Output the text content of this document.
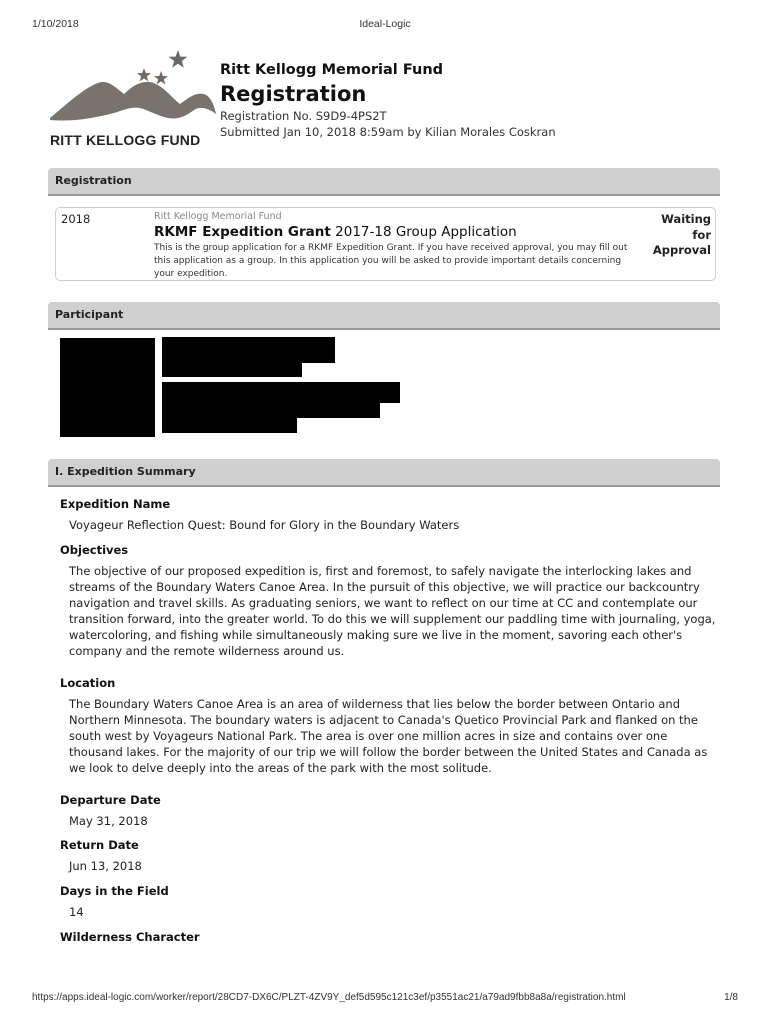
1/10/2018	Ideal-Logic
RITT KELLOGG FUND
Ritt Kellogg Memorial Fund
Registration
Registration No. S9D9-4PS2T
Submitted Jan 10, 2018 8:59am by Kilian Morales Coskran
Registration
2018	Ritt Kellogg Memorial Fund
RKMF Expedition Grant 2017-18 Group Application
This is the group application for a RKMF Expedition Grant. If you have received approval, you may fill out this application as a group. In this application you will be asked to provide important details concerning your expedition.
Waiting
for
Approval
Participant
I. Expedition Summary
Expedition Name
Voyageur Reflection Quest: Bound for Glory in the Boundary Waters
Objectives
The objective of our proposed expedition is, first and foremost, to safely navigate the interlocking lakes and streams of the Boundary Waters Canoe Area. In the pursuit of this objective, we will practice our backcountry navigation and travel skills. As graduating seniors, we want to reflect on our time at CC and contemplate our transition forward, into the greater world. To do this we will supplement our paddling time with journaling, yoga, watercoloring, and fishing while simultaneously making sure we live in the moment, savoring each other's company and the remote wilderness around us.
Location
The Boundary Waters Canoe Area is an area of wilderness that lies below the border between Ontario and Northern Minnesota. The boundary waters is adjacent to Canada's Quetico Provincial Park and flanked on the south west by Voyageurs National Park. The area is over one million acres in size and contains over one thousand lakes. For the majority of our trip we will follow the border between the United States and Canada as we look to delve deeply into the areas of the park with the most solitude.
Departure Date
May 31, 2018
Return Date
Jun 13, 2018
Days in the Field
14
Wilderness Character
https://apps.ideal-logic.com/worker/report/28CD7-DX6C/PLZT-4ZV9Y_def5d595c121c3ef/p3551ac21/a79ad9fbb8a8a/registration.html	1/8
